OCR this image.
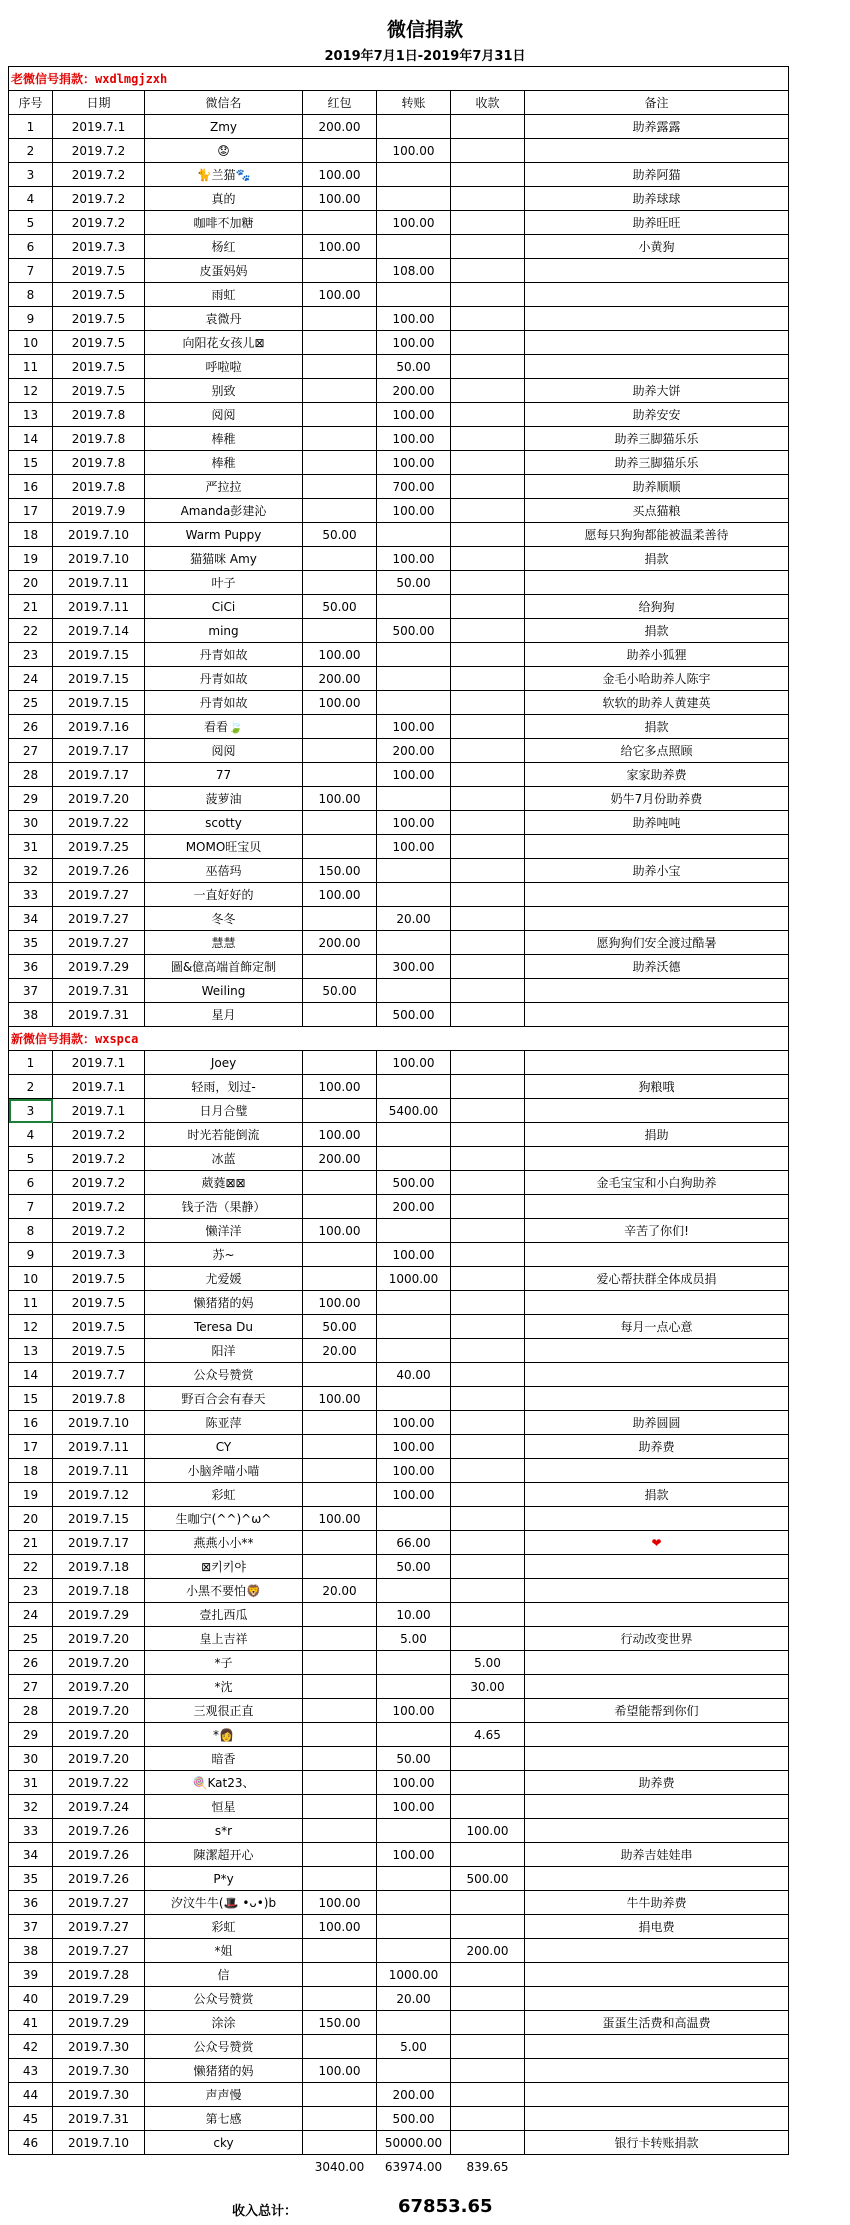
微信捐款
2019年7月1日-2019年7月31日
老微信号捐款：wxdlmgjzxh						
序号	日期	微信名	红包	转账	收款	备注
1	2019.7.1	Zmy	200.00			助养露露
2	2019.7.2	😟		100.00		
3	2019.7.2	🐈兰猫🐾	100.00			助养阿猫
4	2019.7.2	真的	100.00			助养球球
5	2019.7.2	咖啡不加糖		100.00		助养旺旺
6	2019.7.3	杨红	100.00			小黄狗
7	2019.7.5	皮蛋妈妈		108.00		
8	2019.7.5	雨虹	100.00			
9	2019.7.5	袁微丹		100.00		
10	2019.7.5	向阳花女孩儿⊠		100.00		
11	2019.7.5	呼啦啦		50.00		
12	2019.7.5	别致		200.00		助养大饼
13	2019.7.8	阅阅		100.00		助养安安
14	2019.7.8	棒稚		100.00		助养三脚猫乐乐
15	2019.7.8	棒稚		100.00		助养三脚猫乐乐
16	2019.7.8	严拉拉		700.00		助养顺顺
17	2019.7.9	Amanda彭建沁		100.00		买点猫粮
18	2019.7.10	Warm Puppy	50.00			愿每只狗狗都能被温柔善待
19	2019.7.10	猫猫咪 Amy		100.00		捐款
20	2019.7.11	叶子		50.00		
21	2019.7.11	CiCi	50.00			给狗狗
22	2019.7.14	ming		500.00		捐款
23	2019.7.15	丹青如故	100.00			助养小狐狸
24	2019.7.15	丹青如故	200.00			金毛小哈助养人陈宇
25	2019.7.15	丹青如故	100.00			软软的助养人黄建英
26	2019.7.16	看看🍃		100.00		捐款
27	2019.7.17	阅阅		200.00		给它多点照顾
28	2019.7.17	77		100.00		家家助养费
29	2019.7.20	菠萝油	100.00			奶牛7月份助养费
30	2019.7.22	scotty		100.00		助养吨吨
31	2019.7.25	MOMO旺宝贝		100.00		
32	2019.7.26	巫蓓玛	150.00			助养小宝
33	2019.7.27	一直好好的	100.00			
34	2019.7.27	冬冬		20.00		
35	2019.7.27	慧慧	200.00			愿狗狗们安全渡过酷暑
36	2019.7.29	圖&億高端首飾定制		300.00		助养沃德
37	2019.7.31	Weiling	50.00			
38	2019.7.31	星月		500.00		
新微信号捐款：wxspca						
1	2019.7.1	Joey		100.00		
2	2019.7.1	轻雨，划过-	100.00			狗粮哦
3	2019.7.1	日月合璧		5400.00		
4	2019.7.2	时光若能倒流	100.00			捐助
5	2019.7.2	冰蓝	200.00			
6	2019.7.2	葳蕤⊠⊠		500.00		金毛宝宝和小白狗助养
7	2019.7.2	钱子浩（果静）		200.00		
8	2019.7.2	懒洋洋	100.00			辛苦了你们!
9	2019.7.3	苏~		100.00		
10	2019.7.5	尤爱媛		1000.00		爱心帮扶群全体成员捐
11	2019.7.5	懒猪猪的妈	100.00			
12	2019.7.5	Teresa Du	50.00			每月一点心意
13	2019.7.5	阳洋	20.00			
14	2019.7.7	公众号赞赏		40.00		
15	2019.7.8	野百合会有春天	100.00			
16	2019.7.10	陈亚萍		100.00		助养圆圆
17	2019.7.11	CY		100.00		助养费
18	2019.7.11	小脑斧喵小喵		100.00		
19	2019.7.12	彩虹		100.00		捐款
20	2019.7.15	生咖宁(^^)^ω^	100.00			
21	2019.7.17	燕燕小小**		66.00		❤
22	2019.7.18	⊠키키야		50.00		
23	2019.7.18	小黑不要怕🦁	20.00			
24	2019.7.29	壹扎西瓜		10.00		
25	2019.7.20	皇上吉祥		5.00		行动改变世界
26	2019.7.20	*子			5.00	
27	2019.7.20	*沈			30.00	
28	2019.7.20	三观很正直		100.00		希望能帮到你们
29	2019.7.20	*👩			4.65	
30	2019.7.20	暗香		50.00		
31	2019.7.22	🍭Kat23、		100.00		助养费
32	2019.7.24	恒星		100.00		
33	2019.7.26	s*r			100.00	
34	2019.7.26	陳潔超开心		100.00		助养吉娃娃串
35	2019.7.26	P*y			500.00	
36	2019.7.27	汐汶牛牛(🎩 •ᴗ•)b	100.00			牛牛助养费
37	2019.7.27	彩虹	100.00			捐电费
38	2019.7.27	*姐			200.00	
39	2019.7.28	信		1000.00		
40	2019.7.29	公众号赞赏		20.00		
41	2019.7.29	涂涂	150.00			蛋蛋生活费和高温费
42	2019.7.30	公众号赞赏		5.00		
43	2019.7.30	懒猪猪的妈	100.00			
44	2019.7.30	声声慢		200.00		
45	2019.7.31	第七感		500.00		
46	2019.7.10	cky		50000.00		银行卡转账捐款
			3040.00	63974.00	839.65	
收入总计：	67853.65
